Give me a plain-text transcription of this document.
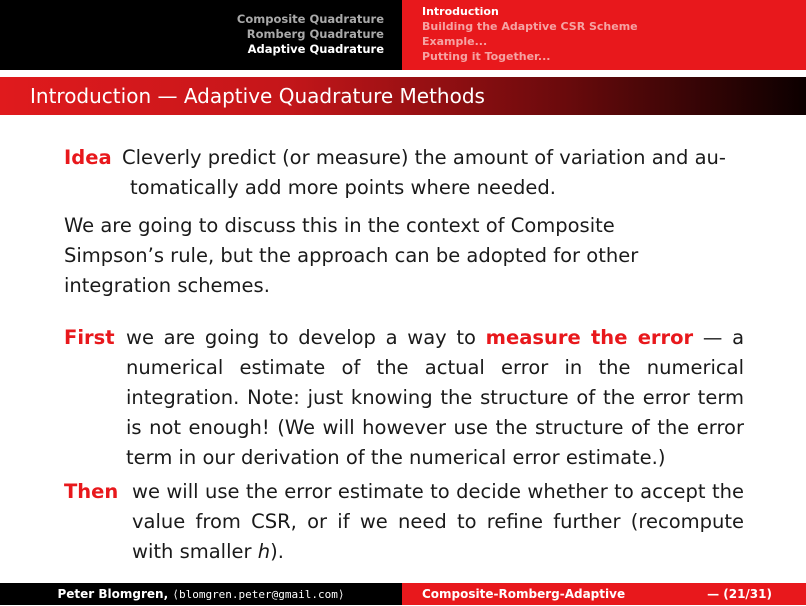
Composite Quadrature
Romberg Quadrature
Adaptive Quadrature
Introduction
Building the Adaptive CSR Scheme
Example...
Putting it Together...
Introduction — Adaptive Quadrature Methods
Idea Cleverly predict (or measure) the amount of variation and au-
tomatically add more points where needed.

We are going to discuss this in the context of Composite Simpson’s rule, but the approach can be adopted for other integration schemes.

First we are going to develop a way to measure the error — a numerical estimate of the actual error in the numerical integration. Note: just knowing the structure of the error term is not enough! (We will however use the structure of the error term in our derivation of the numerical error estimate.)
Then we will use the error estimate to decide whether to accept the value from CSR, or if we need to refine further (recompute with smaller h).
Peter Blomgren, ⟨blomgren.peter@gmail.com⟩	Composite-Romberg-Adaptive	— (21/31)
